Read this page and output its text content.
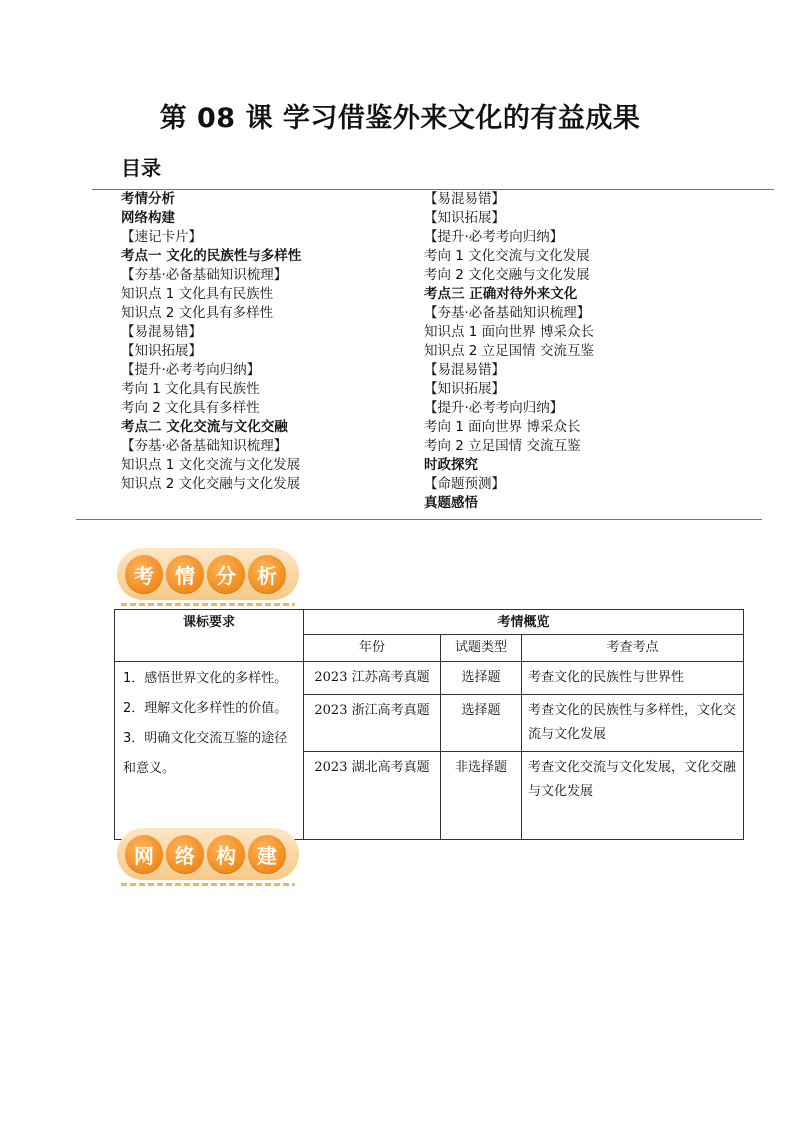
第 08 课 学习借鉴外来文化的有益成果
目录
考情分析
网络构建
【速记卡片】
考点一 文化的民族性与多样性
【夯基·必备基础知识梳理】
知识点 1 文化具有民族性
知识点 2 文化具有多样性
【易混易错】
【知识拓展】
【提升·必考考向归纳】
考向 1 文化具有民族性
考向 2 文化具有多样性
考点二 文化交流与文化交融
【夯基·必备基础知识梳理】
知识点 1 文化交流与文化发展
知识点 2 文化交融与文化发展
【易混易错】
【知识拓展】
【提升·必考考向归纳】
考向 1 文化交流与文化发展
考向 2 文化交融与文化发展
考点三 正确对待外来文化
【夯基·必备基础知识梳理】
知识点 1 面向世界 博采众长
知识点 2 立足国情 交流互鉴
【易混易错】
【知识拓展】
【提升·必考考向归纳】
考向 1 面向世界 博采众长
考向 2 立足国情 交流互鉴
时政探究
【命题预测】
真题感悟
考	情	分	析
课标要求	考情概览		
	年份	试题类型	考查考点

1．感悟世界文化的多样性。
2．理解文化多样性的价值。
3．明确文化交流互鉴的途径和意义。	2023 江苏高考真题	选择题	考查文化的民族性与世界性
	2023 浙江高考真题	选择题	考查文化的民族性与多样性，文化交流与文化发展
	2023 湖北高考真题	非选择题	考查文化交流与文化发展，文化交融与文化发展
网	络	构	建
